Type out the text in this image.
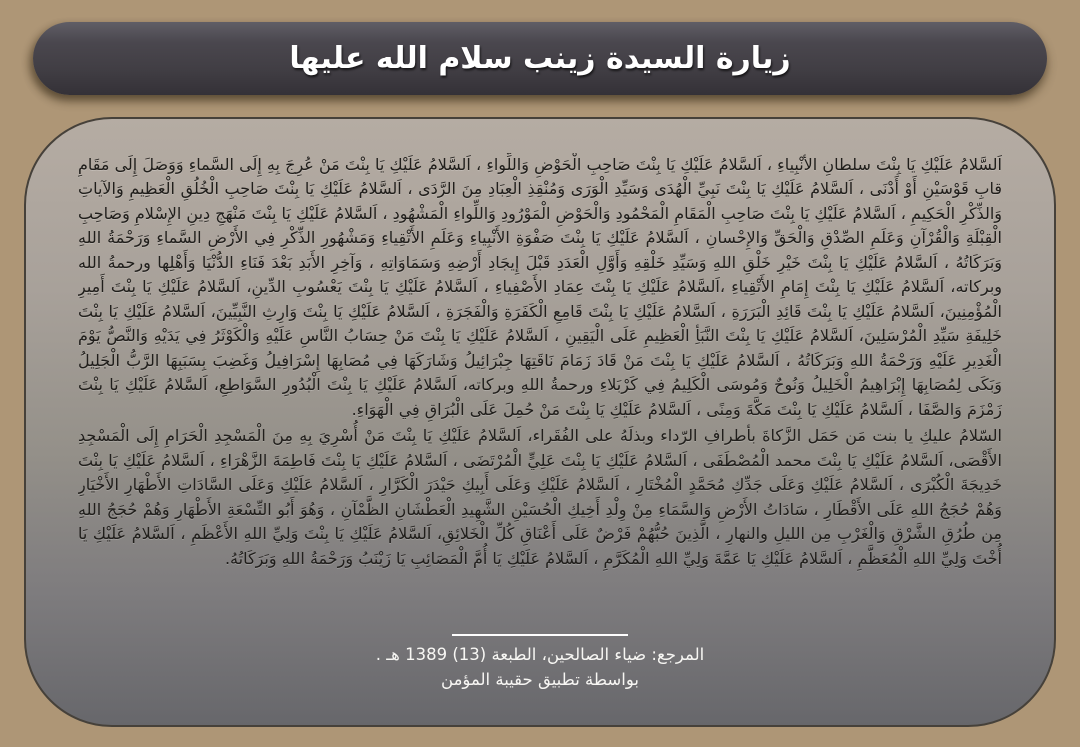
زيارة السيدة زينب سلام الله عليها

اَلسَّلامُ عَلَيْكِ يَا بِنْتَ سلطانِ الأنْبِياءِ ، اَلسَّلامُ عَلَيْكِ يَا بِنْتَ صَاحِبِ الْحَوْضِ وَاللِّواءِ ، اَلسَّلامُ عَلَيْكِ يَا بِنْتَ مَنْ عُرِجَ بِهِ إِلَى السَّماءِ وَوَصَلَ إِلَى مَقَامِ قابِ قَوْسَيْنِ أَوْ أَدْنَى ، اَلسَّلامُ عَلَيْكِ يَا بِنْتَ نَبِيِّ الْهُدَى وَسَيِّدِ الْوَرَى وَمُنْقِذِ الْعِبَادِ مِنَ الرَّدَى ، اَلسَّلامُ عَلَيْكِ يَا بِنْتَ صَاحِبِ الْخُلُقِ الْعَظِيمِ وَالآياتِ وَالذِّكْرِ الْحَكِيمِ ، اَلسَّلامُ عَلَيْكِ يَا بِنْتَ صَاحِبِ الْمَقَامِ الْمَحْمُودِ وَالْحَوْضِ الْمَوْرُودِ وَاللِّواءِ الْمَشْهُودِ ، اَلسَّلامُ عَلَيْكِ يَا بِنْتَ مَنْهَجِ دِينِ الإِسْلامِ وَصَاحِبِ الْقِبْلَةِ وَالْقُرْآنِ وَعَلَمِ الصِّدْقِ وَالْحَقِّ وَالإِحْسانِ ، اَلسَّلامُ عَلَيْكِ يَا بِنْتَ صَفْوَةِ الأَنْبِياءِ وَعَلَمِ الأَتْقِياءِ وَمَشْهُورِ الذِّكْرِ فِي الأَرْضِ السَّماءِ وَرَحْمَةُ اللهِ وَبَرَكَاتُهُ ، اَلسَّلامُ عَلَيْكِ يَا بِنْتَ خَيْرِ خَلْقِ اللهِ وَسَيِّدِ خَلْقِهِ وَأَوَّلِ الْعَدَدِ قَبْلَ إِيجَادِ أَرْضِهِ وَسَمَاوَاتِهِ ، وَآخِرِ الأَبَدِ بَعْدَ فَنَاءِ الدُّنْيَا وَأَهْلِها ورحمةُ الله وبركاته، اَلسَّلامُ عَلَيْكِ يَا بِنْتَ إِمَامِ الأَتْقِياءِ ،اَلسَّلامُ عَلَيْكِ يَا بِنْتَ عِمَادِ الأَصْفِياءِ ، اَلسَّلامُ عَلَيْكِ يَا بِنْتَ يَعْسُوبِ الدِّينِ، اَلسَّلامُ عَلَيْكِ يَا بِنْتَ أَمِيرِ الْمُؤْمِنِينَ، اَلسَّلامُ عَلَيْكِ يَا بِنْتَ قَائِدِ الْبَرَرَةِ ، اَلسَّلامُ عَلَيْكِ يَا بِنْتَ قَامِعِ الْكَفَرَةِ وَالْفَجَرَةِ ، اَلسَّلامُ عَلَيْكِ يَا بِنْتَ وَارِثِ النَّبِيِّينَ، اَلسَّلامُ عَلَيْكِ يَا بِنْتَ خَلِيفَةِ سَيِّدِ الْمُرْسَلِينَ، اَلسَّلامُ عَلَيْكِ يَا بِنْتَ النَّبَأِ الْعَظِيمِ عَلَى الْيَقِينِ ، اَلسَّلامُ عَلَيْكِ يَا بِنْتَ مَنْ حِسَابُ النَّاسِ عَلَيْهِ وَالْكَوْثَرُ فِي يَدَيْهِ وَالنَّصُّ يَوْمَ الْغَدِيرِ عَلَيْهِ وَرَحْمَةُ اللهِ وَبَرَكَاتُهُ ، اَلسَّلامُ عَلَيْكِ يَا بِنْتَ مَنْ قَادَ زَمَامَ نَاقَتِهَا جِبْرَائِيلُ وَشَارَكَهَا فِي مُصَابِهَا إِسْرَافِيلُ وَغَضِبَ بِسَبَبِهَا الرَّبُّ الْجَلِيلُ وَبَكَى لِمُصَابِهَا إِبْرَاهِيمُ الْخَلِيلُ وَنُوحٌ وَمُوسَى الْكَلِيمُ فِي كَرْبَلاءِ ورحمةُ اللهِ وبركاته، اَلسَّلامُ عَلَيْكِ يَا بِنْتَ الْبُدُورِ السَّوَاطِعِ، اَلسَّلامُ عَلَيْكِ يَا بِنْتَ زَمْزَمَ وَالصَّفَا ، اَلسَّلامُ عَلَيْكِ يَا بِنْتَ مَكَّةَ وَمِنًى ، اَلسَّلامُ عَلَيْكِ يَا بِنْتَ مَنْ حُمِلَ عَلَى الْبُرَاقِ فِي الْهَوَاءِ.

السّلامُ عليكِ يا بنت مَن حَمَل الزَّكاةَ بأطرافِ الرّداء وبذلَهُ على الفُقَراء، اَلسَّلامُ عَلَيْكِ يَا بِنْتَ مَنْ أُسْرِيَ بِهِ مِنَ الْمَسْجِدِ الْحَرَامِ إِلَى الْمَسْجِدِ الأَقْصَى، اَلسَّلامُ عَلَيْكِ يَا بِنْتَ محمد الْمُصْطَفَى ، اَلسَّلامُ عَلَيْكِ يَا بِنْتَ عَلِيٍّ الْمُرْتَضَى ، اَلسَّلامُ عَلَيْكِ يَا بِنْتَ فَاطِمَةَ الزَّهْرَاءِ ، اَلسَّلامُ عَلَيْكِ يَا بِنْتَ خَدِيجَةَ الْكُبْرَى ، اَلسَّلامُ عَلَيْكِ وَعَلَى جَدِّكِ مُحَمَّدٍ الْمُخْتَارِ ، اَلسَّلامُ عَلَيْكِ وَعَلَى أَبِيكِ حَيْدَرَ الْكَرَّارِ ، اَلسَّلامُ عَلَيْكِ وَعَلَى السَّادَاتِ الأَطْهَارِ الأَخْيَارِ وَهُمْ حُجَجُ اللهِ عَلَى الأَقْطَارِ ، سَادَاتُ الأَرْضِ وَالسَّمَاءِ مِنْ وِلْدِ أَخِيكِ الْحُسَيْنِ الشَّهِيدِ الْعَطْشَانِ الظَّمْآنِ ، وَهُوَ أَبُو التِّسْعَةِ الأَطْهَارِ وَهُمْ حُجَجُ اللهِ مِن طُرُقِ الشَّرْقِ وَالْغَرْبِ مِن الليلِ والنهارِ ، الَّذِينَ حُبُّهُمْ فَرْضٌ عَلَى أَعْنَاقِ كُلِّ الْخَلائِقِ، اَلسَّلامُ عَلَيْكِ يَا بِنْتَ وَلِيِّ اللهِ الأَعْظَمِ ، اَلسَّلامُ عَلَيْكِ يَا أُخْتَ وَلِيِّ اللهِ الْمُعَظَّمِ ، اَلسَّلامُ عَلَيْكِ يَا عَمَّةَ وَلِيِّ اللهِ الْمُكَرَّمِ ، اَلسَّلامُ عَلَيْكِ يَا أُمَّ الْمَصَائِبِ يَا زَيْنَبُ وَرَحْمَةُ اللهِ وَبَرَكَاتُهُ.

المرجع: ضياء الصالحين، الطبعة (13) 1389 هـ .
بواسطة تطبيق حقيبة المؤمن
